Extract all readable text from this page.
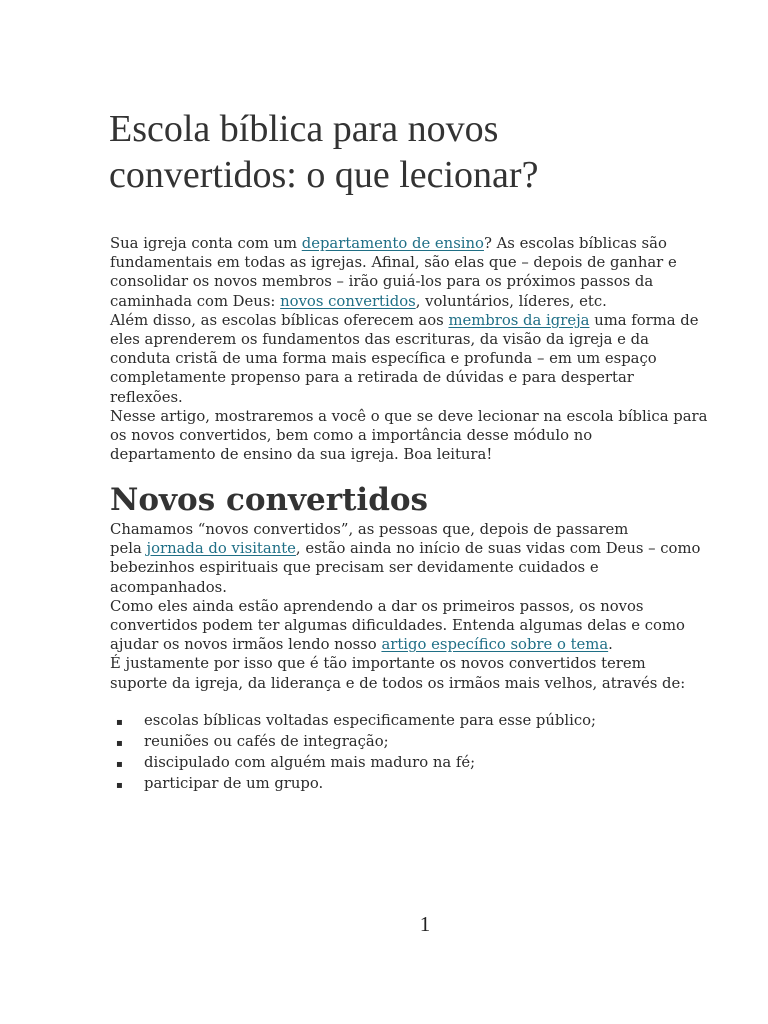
Escola bíblica para novos
convertidos: o que lecionar?

Sua igreja conta com um departamento de ensino? As escolas bíblicas são
fundamentais em todas as igrejas. Afinal, são elas que – depois de ganhar e
consolidar os novos membros – irão guiá-los para os próximos passos da
caminhada com Deus: novos convertidos, voluntários, líderes, etc.

Além disso, as escolas bíblicas oferecem aos membros da igreja uma forma de
eles aprenderem os fundamentos das escrituras, da visão da igreja e da
conduta cristã de uma forma mais específica e profunda – em um espaço
completamente propenso para a retirada de dúvidas e para despertar
reflexões.

Nesse artigo, mostraremos a você o que se deve lecionar na escola bíblica para
os novos convertidos, bem como a importância desse módulo no
departamento de ensino da sua igreja. Boa leitura!

Novos convertidos

Chamamos “novos convertidos”, as pessoas que, depois de passarem
pela jornada do visitante, estão ainda no início de suas vidas com Deus – como
bebezinhos espirituais que precisam ser devidamente cuidados e
acompanhados.

Como eles ainda estão aprendendo a dar os primeiros passos, os novos
convertidos podem ter algumas dificuldades. Entenda algumas delas e como
ajudar os novos irmãos lendo nosso artigo específico sobre o tema.

É justamente por isso que é tão importante os novos convertidos terem
suporte da igreja, da liderança e de todos os irmãos mais velhos, através de:

▪	escolas bíblicas voltadas especificamente para esse público;
▪	reuniões ou cafés de integração;
▪	discipulado com alguém mais maduro na fé;
▪	participar de um grupo.
1
